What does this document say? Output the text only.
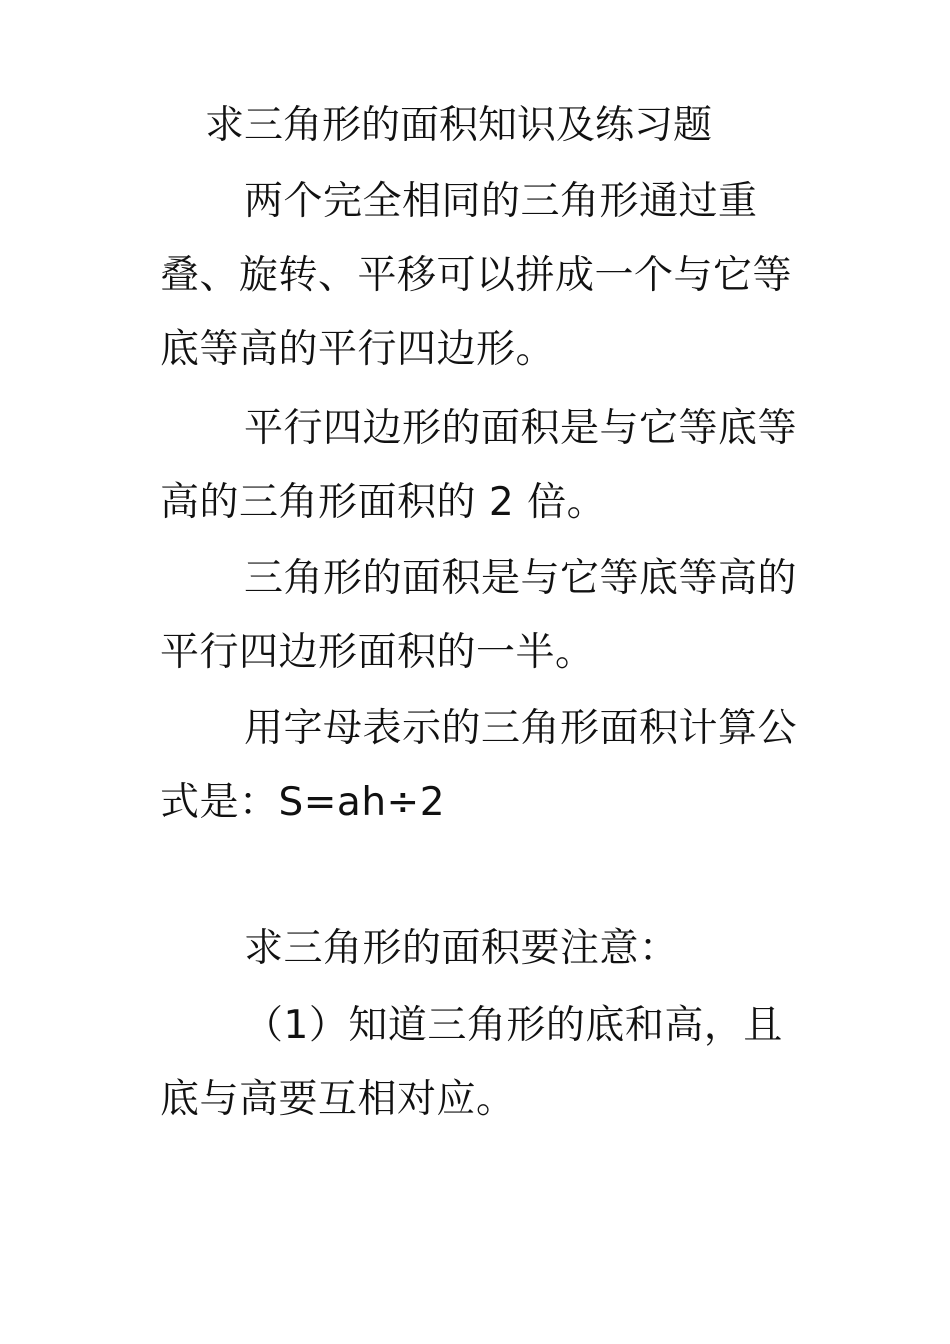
求三角形的面积知识及练习题

两个完全相同的三角形通过重叠、旋转、平移可以拼成一个与它等底等高的平行四边形。

平行四边形的面积是与它等底等高的三角形面积的 2 倍。

三角形的面积是与它等底等高的平行四边形面积的一半。

用字母表示的三角形面积计算公式是：S=ah÷2

求三角形的面积要注意：

（1）知道三角形的底和高，且底与高要互相对应。
